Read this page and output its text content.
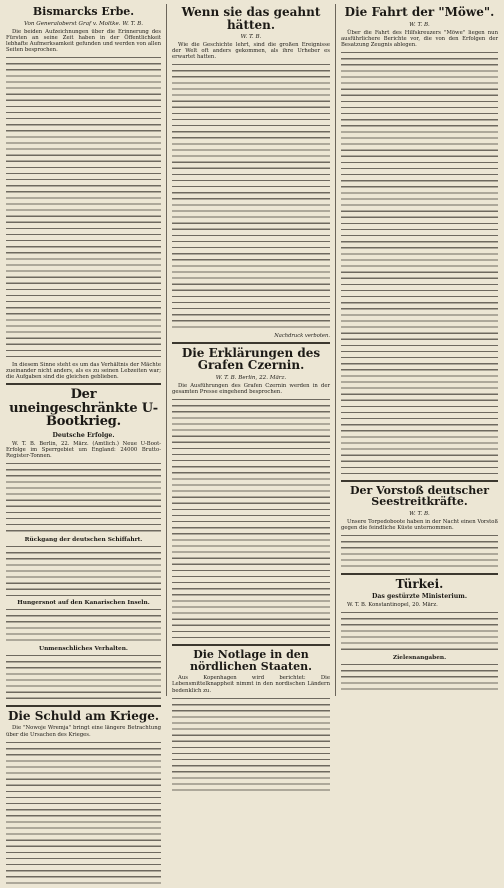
Bismarcks Erbe.
Von Generaloberst Graf v. Moltke. W. T. B.

Die beiden Aufzeichnungen über die Erinnerung des Fürsten an seine Zeit haben in der Öffentlichkeit lebhafte Aufmerksamkeit gefunden und werden von allen Seiten besprochen.

In diesem Sinne steht es um das Verhältnis der Mächte zueinander nicht anders, als es zu seinen Lebzeiten war; die Aufgaben sind die gleichen geblieben.

Der uneingeschränkte U-Bootkrieg.
Deutsche Erfolge.

W. T. B. Berlin, 22. März. (Amtlich.) Neue U-Boot-Erfolge im Sperrgebiet um England: 24000 Brutto-Register-Tonnen.

Rückgang der deutschen Schiffahrt.
Hungersnot auf den Kanarischen Inseln.
Unmenschliches Verhalten.
Die Schuld am Kriege.

Die "Nowoje Wremja" bringt eine längere Betrachtung über die Ursachen des Krieges.

Wenn sie das geahnt hätten.
W. T. B.

Wie die Geschichte lehrt, sind die großen Ereignisse der Welt oft anders gekommen, als ihre Urheber es erwartet hatten.

Nachdruck verboten.
Die Erklärungen des Grafen Czernin.
W. T. B. Berlin, 22. März.

Die Ausführungen des Grafen Czernin werden in der gesamten Presse eingehend besprochen.

Die Notlage in den nördlichen Staaten.

Aus Kopenhagen wird berichtet: Die Lebensmittelknappheit nimmt in den nordischen Ländern bedenklich zu.

Die Fahrt der "Möwe".
W. T. B.

Über die Fahrt des Hilfskreuzers "Möwe" liegen nun ausführlichere Berichte vor, die von den Erfolgen der Besatzung Zeugnis ablegen.

Der Vorstoß deutscher Seestreitkräfte.
W. T. B.

Unsere Torpedoboote haben in der Nacht einen Vorstoß gegen die feindliche Küste unternommen.

Türkei.
Das gestürzte Ministerium.

W. T. B. Konstantinopel, 20. März.

Zielesnangaben.
